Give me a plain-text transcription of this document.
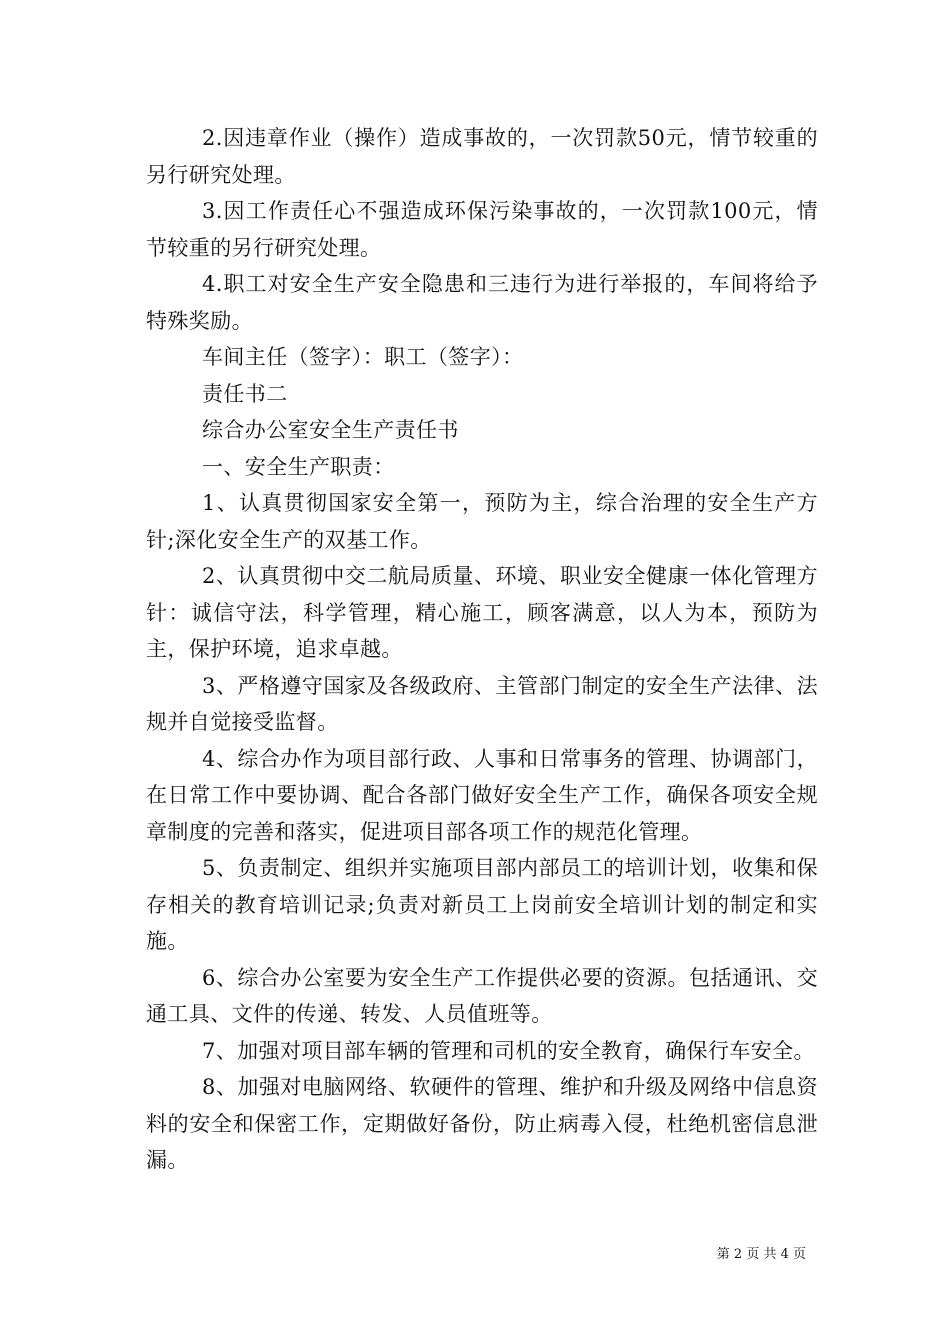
2.因违章作业（操作）造成事故的，一次罚款50元，情节较重的另行研究处理。

3.因工作责任心不强造成环保污染事故的，一次罚款100元，情节较重的另行研究处理。

4.职工对安全生产安全隐患和三违行为进行举报的，车间将给予特殊奖励。

车间主任（签字）：职工（签字）：

责任书二

综合办公室安全生产责任书

一、安全生产职责：

1、认真贯彻国家安全第一，预防为主，综合治理的安全生产方针;深化安全生产的双基工作。

2、认真贯彻中交二航局质量、环境、职业安全健康一体化管理方针：诚信守法，科学管理，精心施工，顾客满意，以人为本，预防为主，保护环境，追求卓越。

3、严格遵守国家及各级政府、主管部门制定的安全生产法律、法规并自觉接受监督。

4、综合办作为项目部行政、人事和日常事务的管理、协调部门，在日常工作中要协调、配合各部门做好安全生产工作，确保各项安全规章制度的完善和落实，促进项目部各项工作的规范化管理。

5、负责制定、组织并实施项目部内部员工的培训计划，收集和保存相关的教育培训记录;负责对新员工上岗前安全培训计划的制定和实施。

6、综合办公室要为安全生产工作提供必要的资源。包括通讯、交通工具、文件的传递、转发、人员值班等。

7、加强对项目部车辆的管理和司机的安全教育，确保行车安全。

8、加强对电脑网络、软硬件的管理、维护和升级及网络中信息资料的安全和保密工作，定期做好备份，防止病毒入侵，杜绝机密信息泄漏。

第 2 页 共 4 页
